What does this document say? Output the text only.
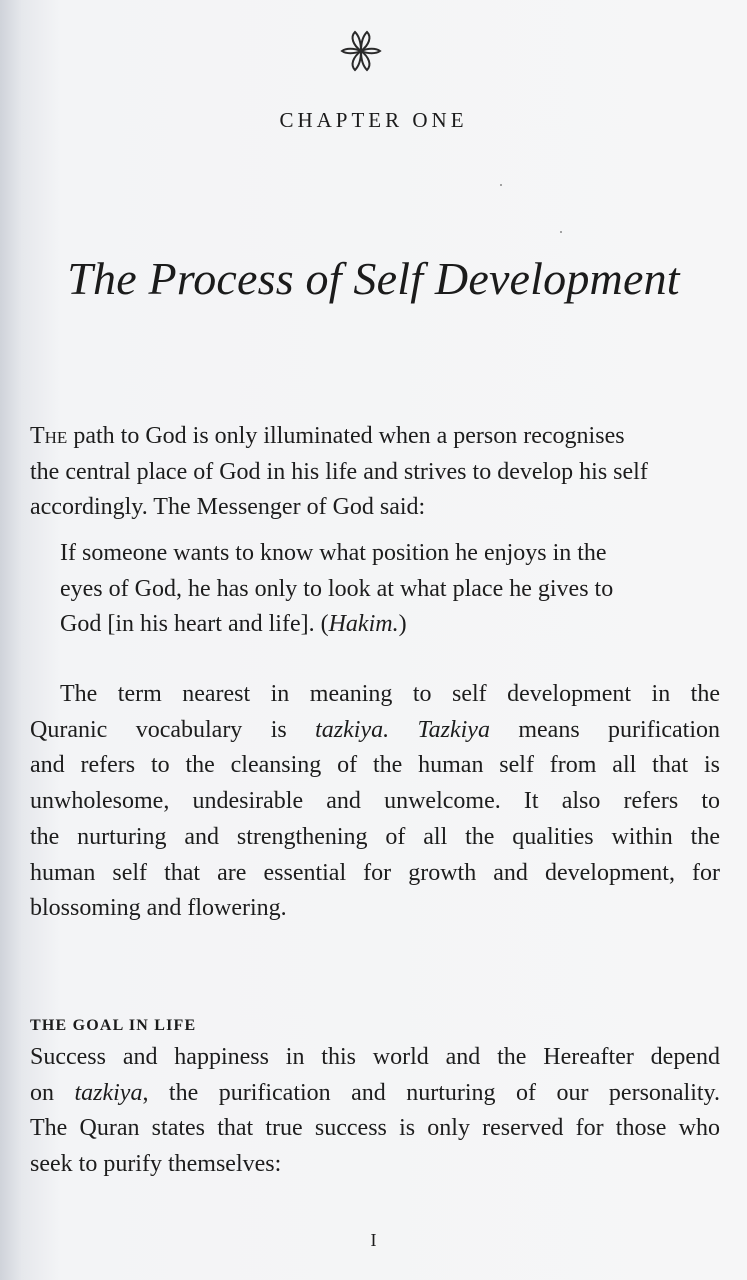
CHAPTER ONE
The Process of Self Development
The path to God is only illuminated when a person recognises
the central place of God in his life and strives to develop his self
accordingly. The Messenger of God said:
If someone wants to know what position he enjoys in the
eyes of God, he has only to look at what place he gives to
God [in his heart and life]. (Hakim.)
The term nearest in meaning to self development in the
Quranic vocabulary is tazkiya. Tazkiya means purification
and refers to the cleansing of the human self from all that is
unwholesome, undesirable and unwelcome. It also refers to
the nurturing and strengthening of all the qualities within the
human self that are essential for growth and development, for
blossoming and flowering.
THE GOAL IN LIFE
Success and happiness in this world and the Hereafter depend
on tazkiya, the purification and nurturing of our personality.
The Quran states that true success is only reserved for those who
seek to purify themselves:
I
